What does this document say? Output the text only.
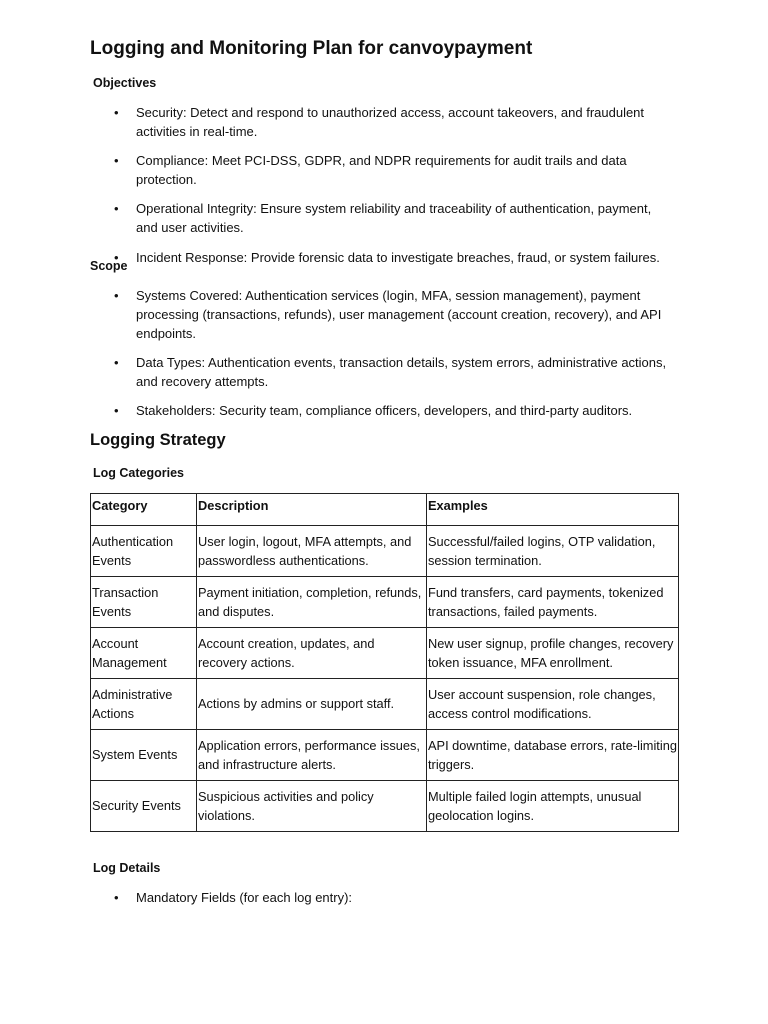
Logging and Monitoring Plan for canvoypayment
Objectives
• Security: Detect and respond to unauthorized access, account takeovers, and fraudulent activities in real-time.
• Compliance: Meet PCI-DSS, GDPR, and NDPR requirements for audit trails and data protection.
• Operational Integrity: Ensure system reliability and traceability of authentication, payment, and user activities.
• Incident Response: Provide forensic data to investigate breaches, fraud, or system failures.
Scope
• Systems Covered: Authentication services (login, MFA, session management), payment processing (transactions, refunds), user management (account creation, recovery), and API endpoints.
• Data Types: Authentication events, transaction details, system errors, administrative actions, and recovery attempts.
• Stakeholders: Security team, compliance officers, developers, and third-party auditors.
Logging Strategy
Log Categories
Category	Description	Examples
Authentication Events	User login, logout, MFA attempts, and passwordless authentications.	Successful/failed logins, OTP validation, session termination.
Transaction Events	Payment initiation, completion, refunds, and disputes.	Fund transfers, card payments, tokenized transactions, failed payments.
Account Management	Account creation, updates, and recovery actions.	New user signup, profile changes, recovery token issuance, MFA enrollment.
Administrative Actions	Actions by admins or support staff.	User account suspension, role changes, access control modifications.
System Events	Application errors, performance issues, and infrastructure alerts.	API downtime, database errors, rate-limiting triggers.
Security Events	Suspicious activities and policy violations.	Multiple failed login attempts, unusual geolocation logins.
Log Details
• Mandatory Fields (for each log entry):
